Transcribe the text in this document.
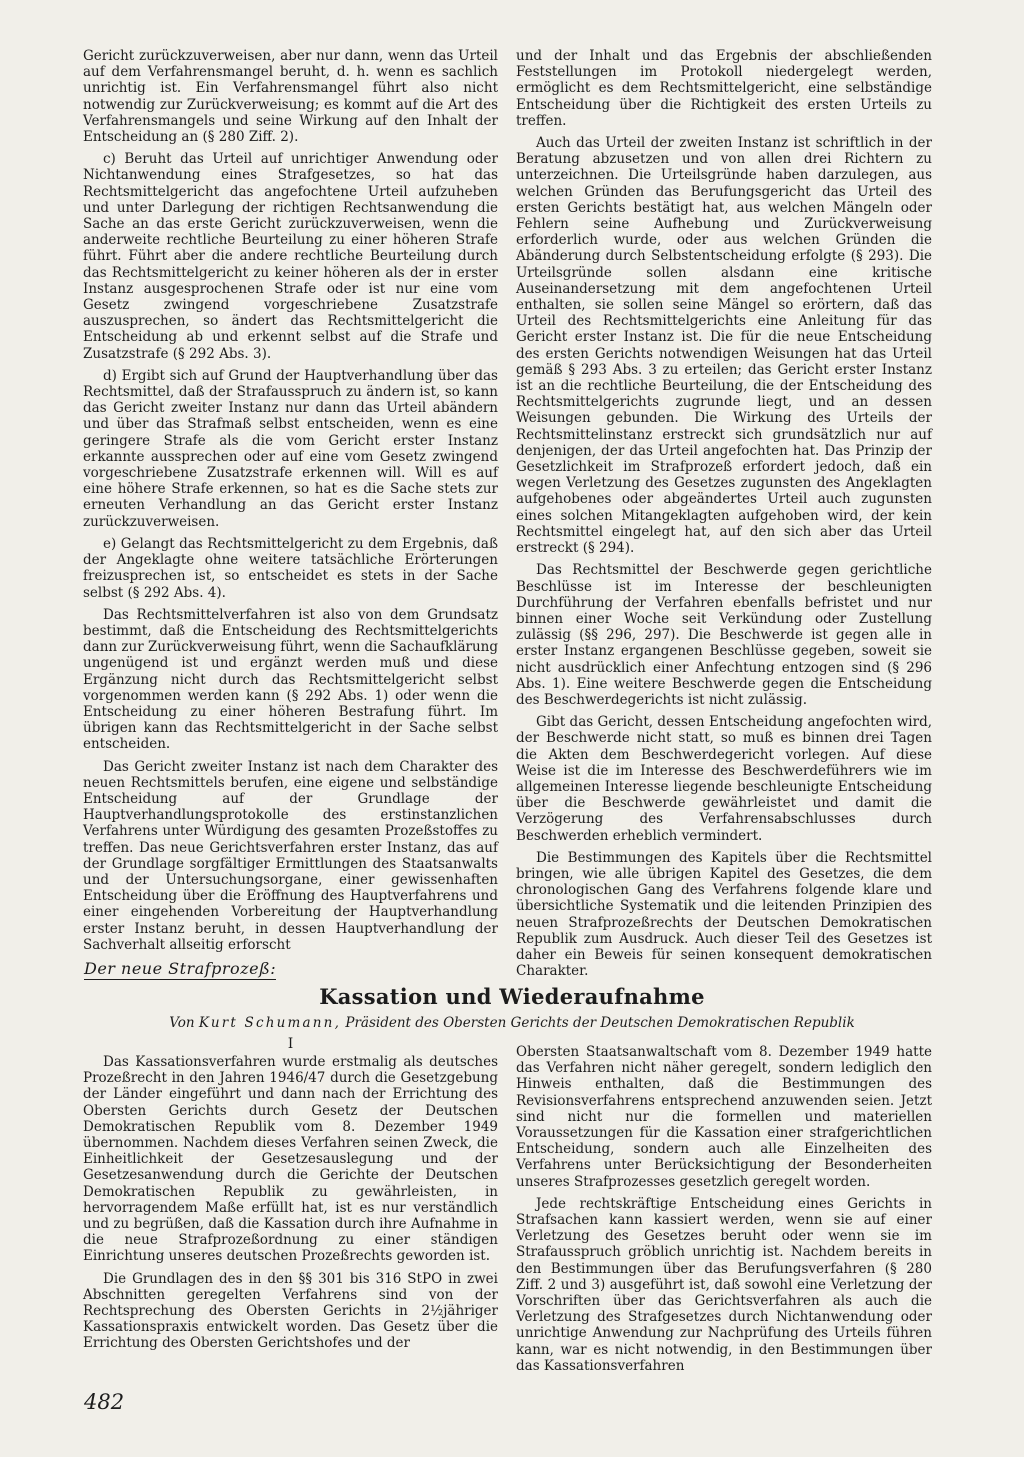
Gericht zurückzuverweisen, aber nur dann, wenn das Urteil auf dem Verfahrensmangel beruht, d. h. wenn es sachlich unrichtig ist. Ein Verfahrensmangel führt also nicht notwendig zur Zurückverweisung; es kommt auf die Art des Verfahrensmangels und seine Wirkung auf den Inhalt der Entscheidung an (§ 280 Ziff. 2).

c) Beruht das Urteil auf unrichtiger Anwendung oder Nichtanwendung eines Strafgesetzes, so hat das Rechtsmittelgericht das angefochtene Urteil aufzuheben und unter Darlegung der richtigen Rechtsanwendung die Sache an das erste Gericht zurückzuverweisen, wenn die anderweite rechtliche Beurteilung zu einer höheren Strafe führt. Führt aber die andere rechtliche Beurteilung durch das Rechtsmittelgericht zu keiner höheren als der in erster Instanz ausgesprochenen Strafe oder ist nur eine vom Gesetz zwingend vorgeschriebene Zusatzstrafe auszusprechen, so ändert das Rechtsmittelgericht die Entscheidung ab und erkennt selbst auf die Strafe und Zusatzstrafe (§ 292 Abs. 3).

d) Ergibt sich auf Grund der Hauptverhandlung über das Rechtsmittel, daß der Strafausspruch zu ändern ist, so kann das Gericht zweiter Instanz nur dann das Urteil abändern und über das Strafmaß selbst entscheiden, wenn es eine geringere Strafe als die vom Gericht erster Instanz erkannte aussprechen oder auf eine vom Gesetz zwingend vorgeschriebene Zusatzstrafe erkennen will. Will es auf eine höhere Strafe erkennen, so hat es die Sache stets zur erneuten Verhandlung an das Gericht erster Instanz zurückzuverweisen.

e) Gelangt das Rechtsmittelgericht zu dem Ergebnis, daß der Angeklagte ohne weitere tatsächliche Erörterungen freizusprechen ist, so entscheidet es stets in der Sache selbst (§ 292 Abs. 4).

Das Rechtsmittelverfahren ist also von dem Grundsatz bestimmt, daß die Entscheidung des Rechtsmittelgerichts dann zur Zurückverweisung führt, wenn die Sachaufklärung ungenügend ist und ergänzt werden muß und diese Ergänzung nicht durch das Rechtsmittelgericht selbst vorgenommen werden kann (§ 292 Abs. 1) oder wenn die Entscheidung zu einer höheren Bestrafung führt. Im übrigen kann das Rechtsmittelgericht in der Sache selbst entscheiden.

Das Gericht zweiter Instanz ist nach dem Charakter des neuen Rechtsmittels berufen, eine eigene und selbständige Entscheidung auf der Grundlage der Hauptverhandlungsprotokolle des erstinstanzlichen Verfahrens unter Würdigung des gesamten Prozeßstoffes zu treffen. Das neue Gerichtsverfahren erster Instanz, das auf der Grundlage sorgfältiger Ermittlungen des Staatsanwalts und der Untersuchungsorgane, einer gewissenhaften Entscheidung über die Eröffnung des Hauptverfahrens und einer eingehenden Vorbereitung der Hauptverhandlung erster Instanz beruht, in dessen Hauptverhandlung der Sachverhalt allseitig erforscht

und der Inhalt und das Ergebnis der abschließenden Feststellungen im Protokoll niedergelegt werden, ermöglicht es dem Rechtsmittelgericht, eine selbständige Entscheidung über die Richtigkeit des ersten Urteils zu treffen.

Auch das Urteil der zweiten Instanz ist schriftlich in der Beratung abzusetzen und von allen drei Richtern zu unterzeichnen. Die Urteilsgründe haben darzulegen, aus welchen Gründen das Berufungsgericht das Urteil des ersten Gerichts bestätigt hat, aus welchen Mängeln oder Fehlern seine Aufhebung und Zurückverweisung erforderlich wurde, oder aus welchen Gründen die Abänderung durch Selbstentscheidung erfolgte (§ 293). Die Urteilsgründe sollen alsdann eine kritische Auseinandersetzung mit dem angefochtenen Urteil enthalten, sie sollen seine Mängel so erörtern, daß das Urteil des Rechtsmittelgerichts eine Anleitung für das Gericht erster Instanz ist. Die für die neue Entscheidung des ersten Gerichts notwendigen Weisungen hat das Urteil gemäß § 293 Abs. 3 zu erteilen; das Gericht erster Instanz ist an die rechtliche Beurteilung, die der Entscheidung des Rechtsmittelgerichts zugrunde liegt, und an dessen Weisungen gebunden. Die Wirkung des Urteils der Rechtsmittelinstanz erstreckt sich grundsätzlich nur auf denjenigen, der das Urteil angefochten hat. Das Prinzip der Gesetzlichkeit im Strafprozeß erfordert jedoch, daß ein wegen Verletzung des Gesetzes zugunsten des Angeklagten aufgehobenes oder abgeändertes Urteil auch zugunsten eines solchen Mitangeklagten aufgehoben wird, der kein Rechtsmittel eingelegt hat, auf den sich aber das Urteil erstreckt (§ 294).

Das Rechtsmittel der Beschwerde gegen gerichtliche Beschlüsse ist im Interesse der beschleunigten Durchführung der Verfahren ebenfalls befristet und nur binnen einer Woche seit Verkündung oder Zustellung zulässig (§§ 296, 297). Die Beschwerde ist gegen alle in erster Instanz ergangenen Beschlüsse gegeben, soweit sie nicht ausdrücklich einer Anfechtung entzogen sind (§ 296 Abs. 1). Eine weitere Beschwerde gegen die Entscheidung des Beschwerdegerichts ist nicht zulässig.

Gibt das Gericht, dessen Entscheidung angefochten wird, der Beschwerde nicht statt, so muß es binnen drei Tagen die Akten dem Beschwerdegericht vorlegen. Auf diese Weise ist die im Interesse des Beschwerdeführers wie im allgemeinen Interesse liegende beschleunigte Entscheidung über die Beschwerde gewährleistet und damit die Verzögerung des Verfahrensabschlusses durch Beschwerden erheblich vermindert.

Die Bestimmungen des Kapitels über die Rechtsmittel bringen, wie alle übrigen Kapitel des Gesetzes, die dem chronologischen Gang des Verfahrens folgende klare und übersichtliche Systematik und die leitenden Prinzipien des neuen Strafprozeßrechts der Deutschen Demokratischen Republik zum Ausdruck. Auch dieser Teil des Gesetzes ist daher ein Beweis für seinen konsequent demokratischen Charakter.

Der neue Strafprozeß:
Kassation und Wiederaufnahme
Von Kurt Schumann, Präsident des Obersten Gerichts der Deutschen Demokratischen Republik
I

Das Kassationsverfahren wurde erstmalig als deutsches Prozeßrecht in den Jahren 1946/47 durch die Gesetzgebung der Länder eingeführt und dann nach der Errichtung des Obersten Gerichts durch Gesetz der Deutschen Demokratischen Republik vom 8. Dezember 1949 übernommen. Nachdem dieses Verfahren seinen Zweck, die Einheitlichkeit der Gesetzesauslegung und der Gesetzesanwendung durch die Gerichte der Deutschen Demokratischen Republik zu gewährleisten, in hervorragendem Maße erfüllt hat, ist es nur verständlich und zu begrüßen, daß die Kassation durch ihre Aufnahme in die neue Strafprozeßordnung zu einer ständigen Einrichtung unseres deutschen Prozeßrechts geworden ist.

Die Grundlagen des in den §§ 301 bis 316 StPO in zwei Abschnitten geregelten Verfahrens sind von der Rechtsprechung des Obersten Gerichts in 2½jähriger Kassationspraxis entwickelt worden. Das Gesetz über die Errichtung des Obersten Gerichtshofes und der

Obersten Staatsanwaltschaft vom 8. Dezember 1949 hatte das Verfahren nicht näher geregelt, sondern lediglich den Hinweis enthalten, daß die Bestimmungen des Revisionsverfahrens entsprechend anzuwenden seien. Jetzt sind nicht nur die formellen und materiellen Voraussetzungen für die Kassation einer strafgerichtlichen Entscheidung, sondern auch alle Einzelheiten des Verfahrens unter Berücksichtigung der Besonderheiten unseres Strafprozesses gesetzlich geregelt worden.

Jede rechtskräftige Entscheidung eines Gerichts in Strafsachen kann kassiert werden, wenn sie auf einer Verletzung des Gesetzes beruht oder wenn sie im Strafausspruch gröblich unrichtig ist. Nachdem bereits in den Bestimmungen über das Berufungsverfahren (§ 280 Ziff. 2 und 3) ausgeführt ist, daß sowohl eine Verletzung der Vorschriften über das Gerichtsverfahren als auch die Verletzung des Strafgesetzes durch Nichtanwendung oder unrichtige Anwendung zur Nachprüfung des Urteils führen kann, war es nicht notwendig, in den Bestimmungen über das Kassationsverfahren

482
